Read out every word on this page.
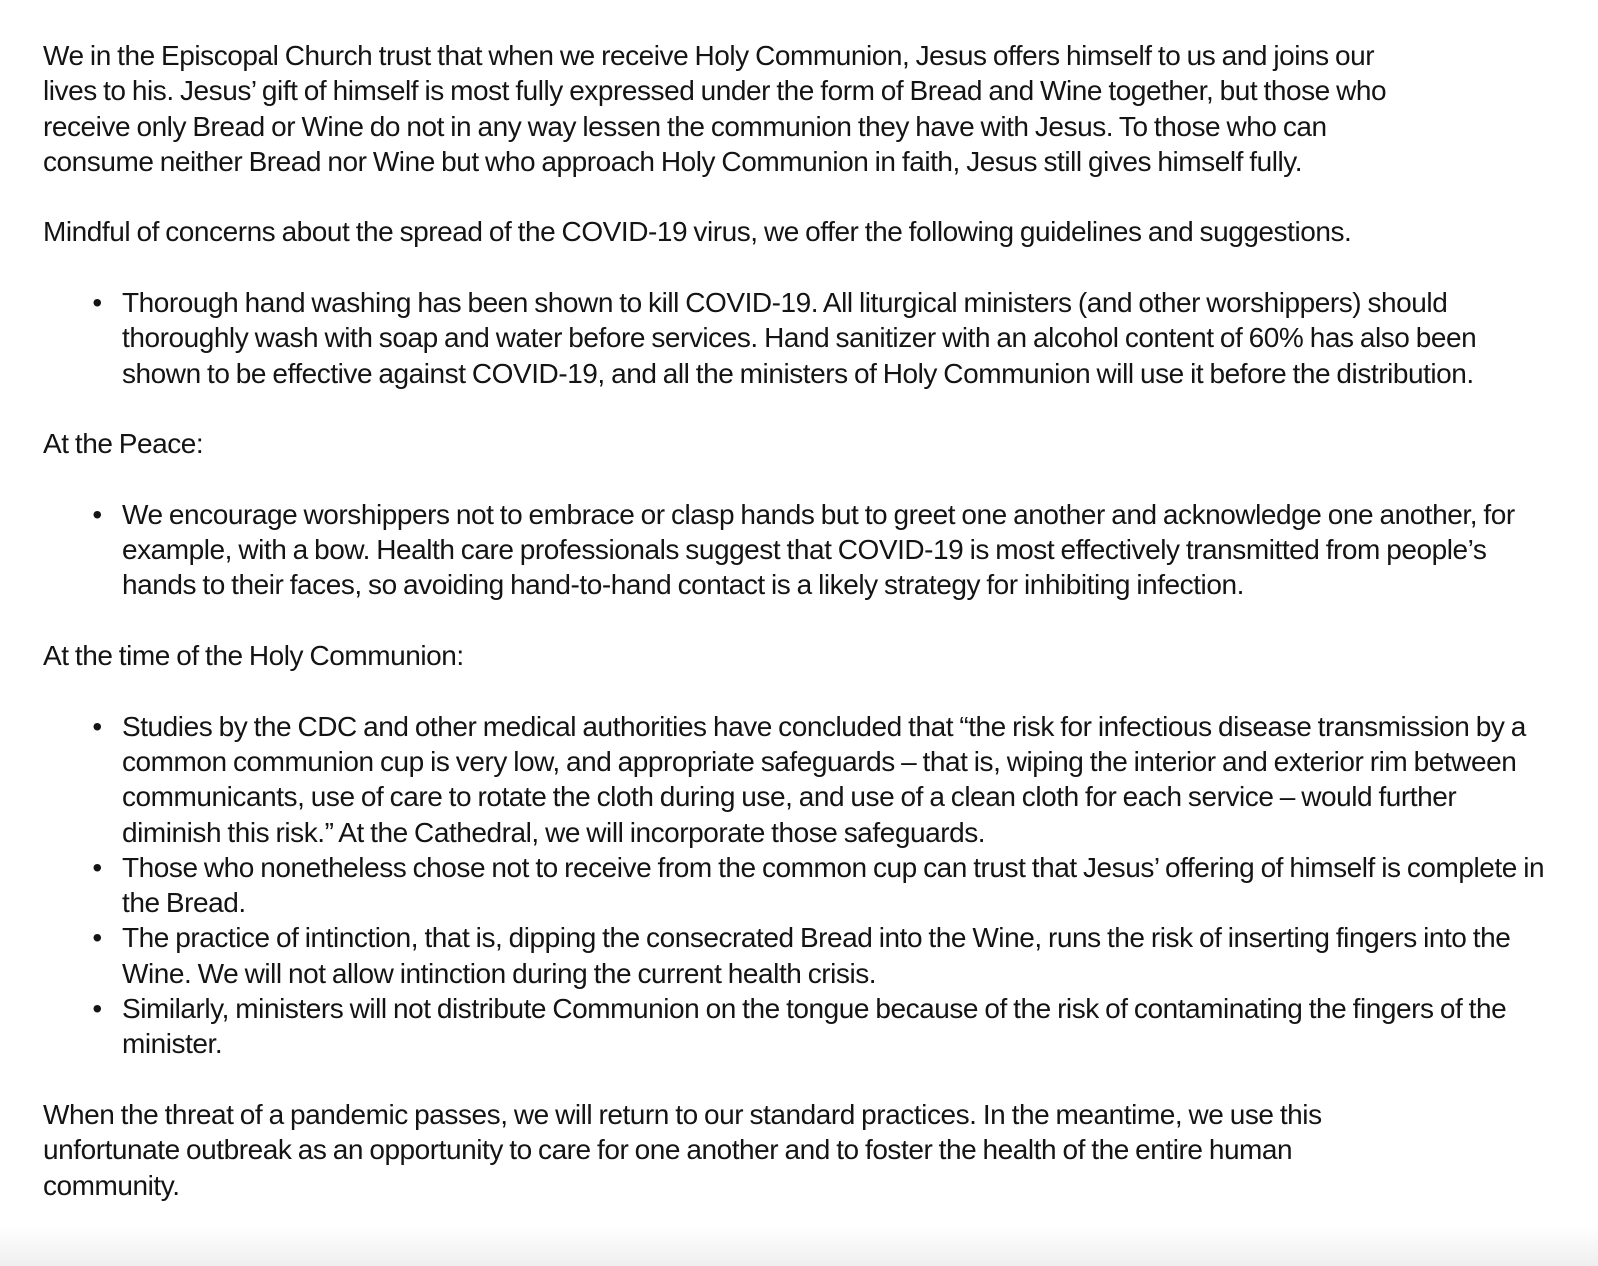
We in the Episcopal Church trust that when we receive Holy Communion, Jesus offers himself to us and joins our lives to his. Jesus’ gift of himself is most fully expressed under the form of Bread and Wine together, but those who receive only Bread or Wine do not in any way lessen the communion they have with Jesus. To those who can consume neither Bread nor Wine but who approach Holy Communion in faith, Jesus still gives himself fully.

Mindful of concerns about the spread of the COVID-19 virus, we offer the following guidelines and suggestions.

• Thorough hand washing has been shown to kill COVID-19. All liturgical ministers (and other worshippers) should thoroughly wash with soap and water before services. Hand sanitizer with an alcohol content of 60% has also been shown to be effective against COVID-19, and all the ministers of Holy Communion will use it before the distribution.

At the Peace:

• We encourage worshippers not to embrace or clasp hands but to greet one another and acknowledge one another, for example, with a bow. Health care professionals suggest that COVID-19 is most effectively transmitted from people’s hands to their faces, so avoiding hand-to-hand contact is a likely strategy for inhibiting infection.

At the time of the Holy Communion:

• Studies by the CDC and other medical authorities have concluded that “the risk for infectious disease transmission by a common communion cup is very low, and appropriate safeguards – that is, wiping the interior and exterior rim between communicants, use of care to rotate the cloth during use, and use of a clean cloth for each service – would further diminish this risk.” At the Cathedral, we will incorporate those safeguards.
• Those who nonetheless chose not to receive from the common cup can trust that Jesus’ offering of himself is complete in the Bread.
• The practice of intinction, that is, dipping the consecrated Bread into the Wine, runs the risk of inserting fingers into the Wine. We will not allow intinction during the current health crisis.
• Similarly, ministers will not distribute Communion on the tongue because of the risk of contaminating the fingers of the minister.

When the threat of a pandemic passes, we will return to our standard practices. In the meantime, we use this unfortunate outbreak as an opportunity to care for one another and to foster the health of the entire human community.
